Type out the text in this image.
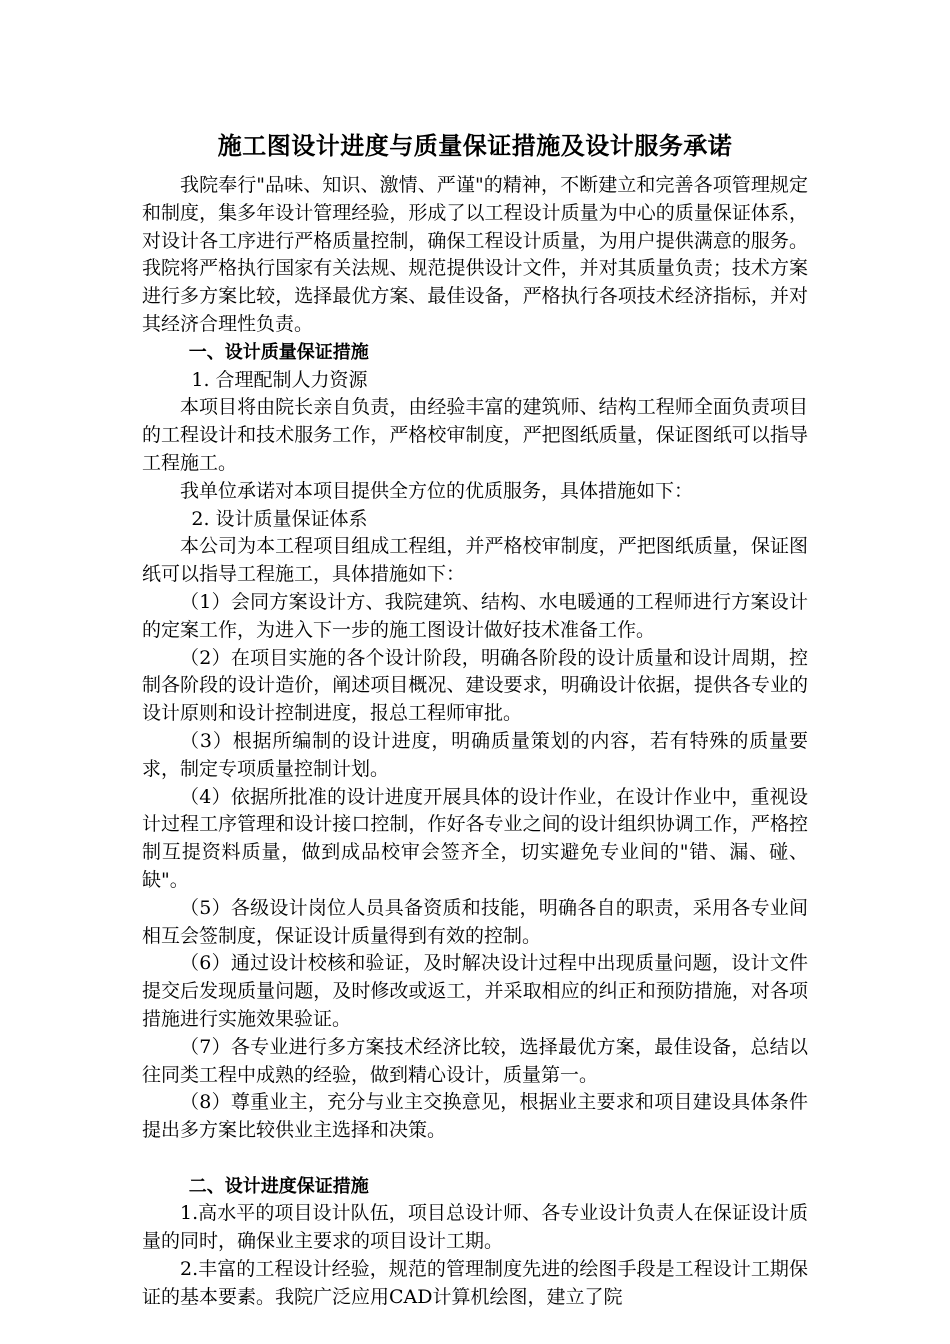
施工图设计进度与质量保证措施及设计服务承诺

我院奉行"品味、知识、激情、严谨"的精神，不断建立和完善各项管理规定和制度，集多年设计管理经验，形成了以工程设计质量为中心的质量保证体系，对设计各工序进行严格质量控制，确保工程设计质量，为用户提供满意的服务。我院将严格执行国家有关法规、规范提供设计文件，并对其质量负责；技术方案进行多方案比较，选择最优方案、最佳设备，严格执行各项技术经济指标，并对其经济合理性负责。

一、设计质量保证措施

1. 合理配制人力资源

本项目将由院长亲自负责，由经验丰富的建筑师、结构工程师全面负责项目的工程设计和技术服务工作，严格校审制度，严把图纸质量，保证图纸可以指导工程施工。

我单位承诺对本项目提供全方位的优质服务，具体措施如下：

2. 设计质量保证体系

本公司为本工程项目组成工程组，并严格校审制度，严把图纸质量，保证图纸可以指导工程施工，具体措施如下：

（1）会同方案设计方、我院建筑、结构、水电暖通的工程师进行方案设计的定案工作，为进入下一步的施工图设计做好技术准备工作。

（2）在项目实施的各个设计阶段，明确各阶段的设计质量和设计周期，控制各阶段的设计造价，阐述项目概况、建设要求，明确设计依据，提供各专业的设计原则和设计控制进度，报总工程师审批。

（3）根据所编制的设计进度，明确质量策划的内容，若有特殊的质量要求，制定专项质量控制计划。

（4）依据所批准的设计进度开展具体的设计作业，在设计作业中，重视设计过程工序管理和设计接口控制，作好各专业之间的设计组织协调工作，严格控制互提资料质量，做到成品校审会签齐全，切实避免专业间的"错、漏、碰、缺"。

（5）各级设计岗位人员具备资质和技能，明确各自的职责，采用各专业间相互会签制度，保证设计质量得到有效的控制。

（6）通过设计校核和验证，及时解决设计过程中出现质量问题，设计文件提交后发现质量问题，及时修改或返工，并采取相应的纠正和预防措施，对各项措施进行实施效果验证。

（7）各专业进行多方案技术经济比较，选择最优方案，最佳设备，总结以往同类工程中成熟的经验，做到精心设计，质量第一。

（8）尊重业主，充分与业主交换意见，根据业主要求和项目建设具体条件提出多方案比较供业主选择和决策。

二、设计进度保证措施

1.高水平的项目设计队伍，项目总设计师、各专业设计负责人在保证设计质量的同时，确保业主要求的项目设计工期。

2.丰富的工程设计经验，规范的管理制度先进的绘图手段是工程设计工期保证的基本要素。我院广泛应用CAD计算机绘图，建立了院
